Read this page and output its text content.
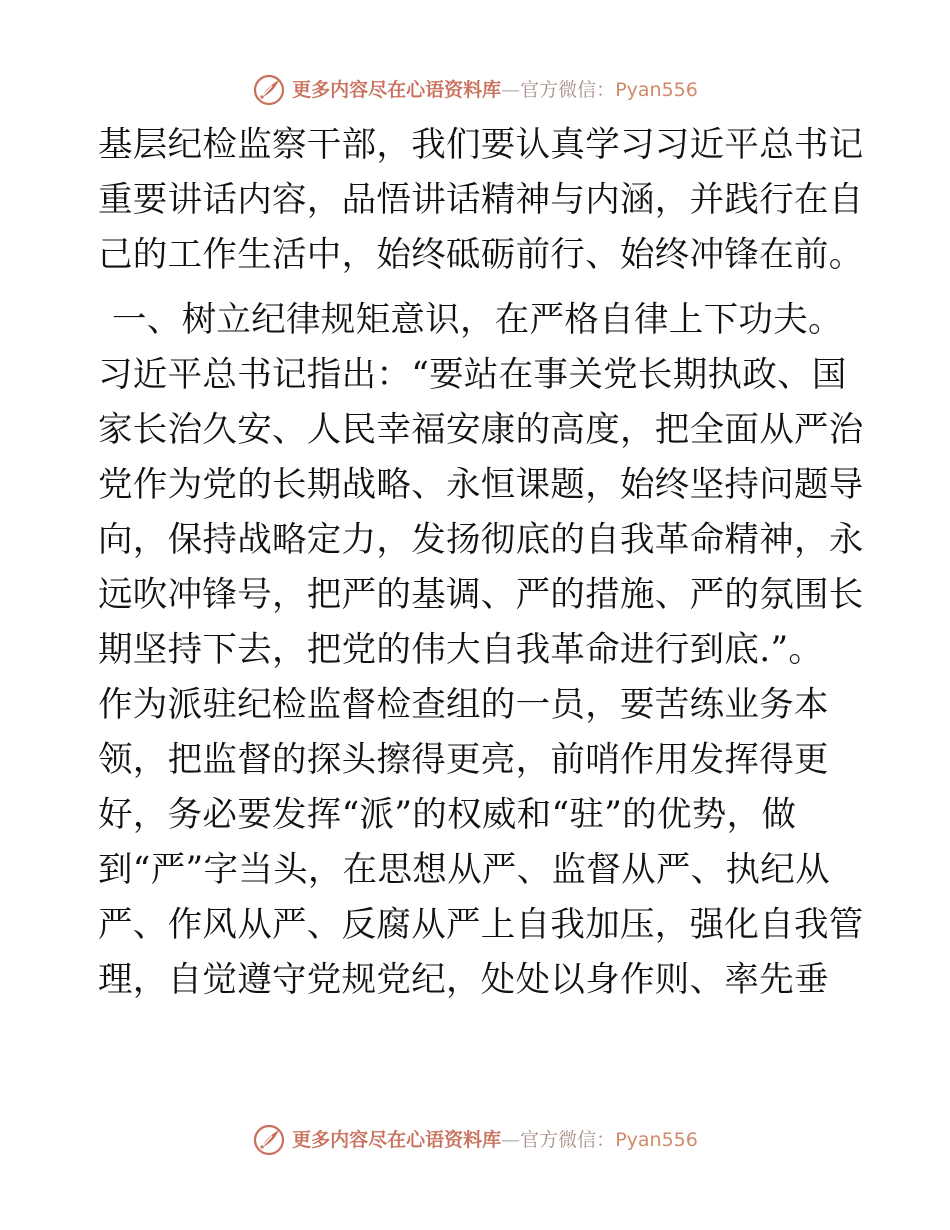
更多内容尽在心语资料库—官方微信：Pyan556
基层纪检监察干部，我们要认真学习习近平总书记
重要讲话内容，品悟讲话精神与内涵，并践行在自
己的工作生活中，始终砥砺前行、始终冲锋在前。
一、树立纪律规矩意识，在严格自律上下功夫。
习近平总书记指出：“要站在事关党长期执政、国
家长治久安、人民幸福安康的高度，把全面从严治
党作为党的长期战略、永恒课题，始终坚持问题导
向，保持战略定力，发扬彻底的自我革命精神，永
远吹冲锋号，把严的基调、严的措施、严的氛围长
期坚持下去，把党的伟大自我革命进行到底.”。
作为派驻纪检监督检查组的一员，要苦练业务本
领，把监督的探头擦得更亮，前哨作用发挥得更
好，务必要发挥“派”的权威和“驻”的优势，做
到“严”字当头，在思想从严、监督从严、执纪从
严、作风从严、反腐从严上自我加压，强化自我管
理，自觉遵守党规党纪，处处以身作则、率先垂
更多内容尽在心语资料库—官方微信：Pyan556
